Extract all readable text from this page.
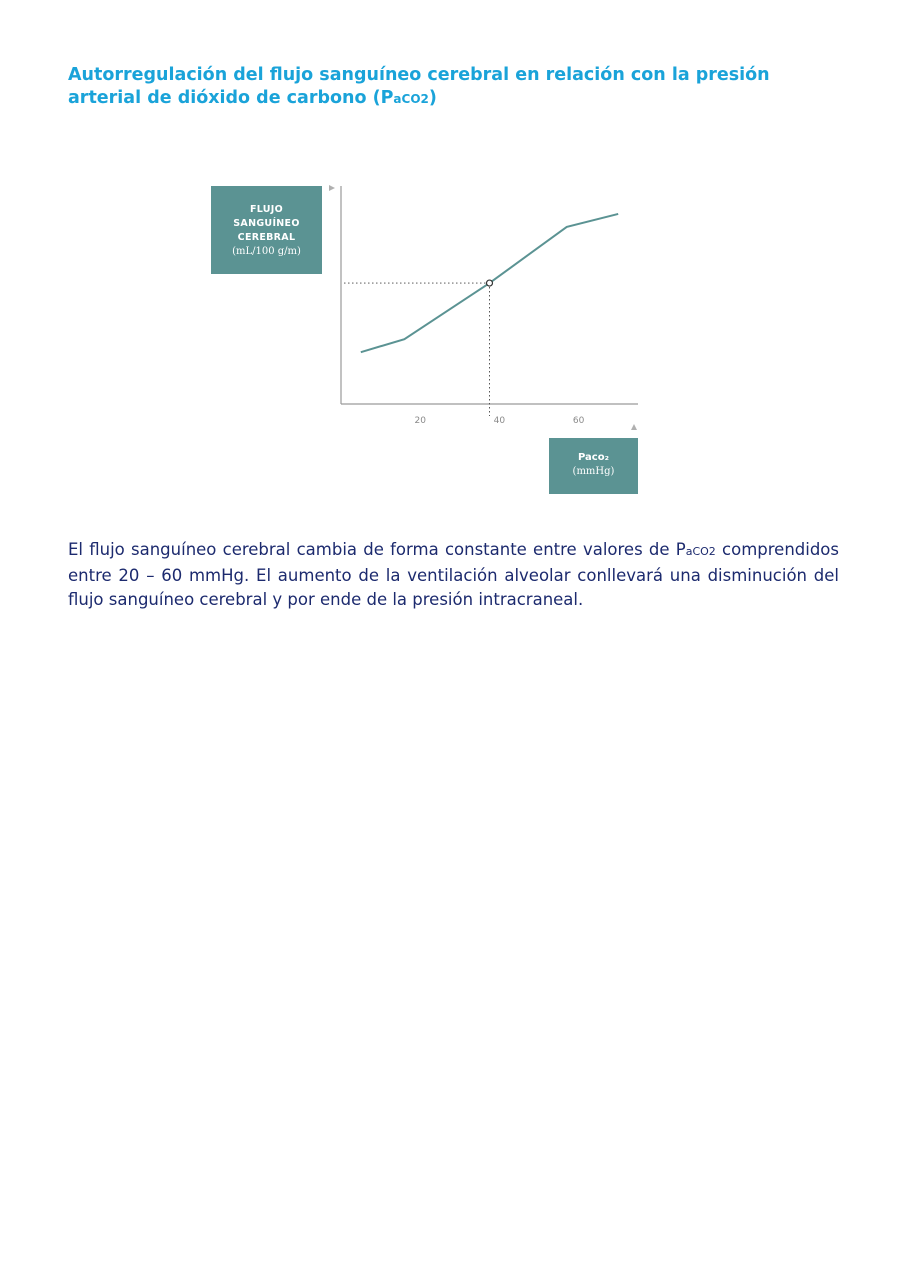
Autorregulación del flujo sanguíneo cerebral en relación con la presión arterial de dióxido de carbono (PaCO2)
20	40	60
FLUJO
SANGUÍNEO
CEREBRAL
(mL/100 g/m)
Paco₂
(mmHg)

El flujo sanguíneo cerebral cambia de forma constante entre valores de PaCO2 comprendidos entre 20 – 60 mmHg. El aumento de la ventilación alveolar conllevará una disminución del flujo sanguíneo cerebral y por ende de la presión intracraneal.
